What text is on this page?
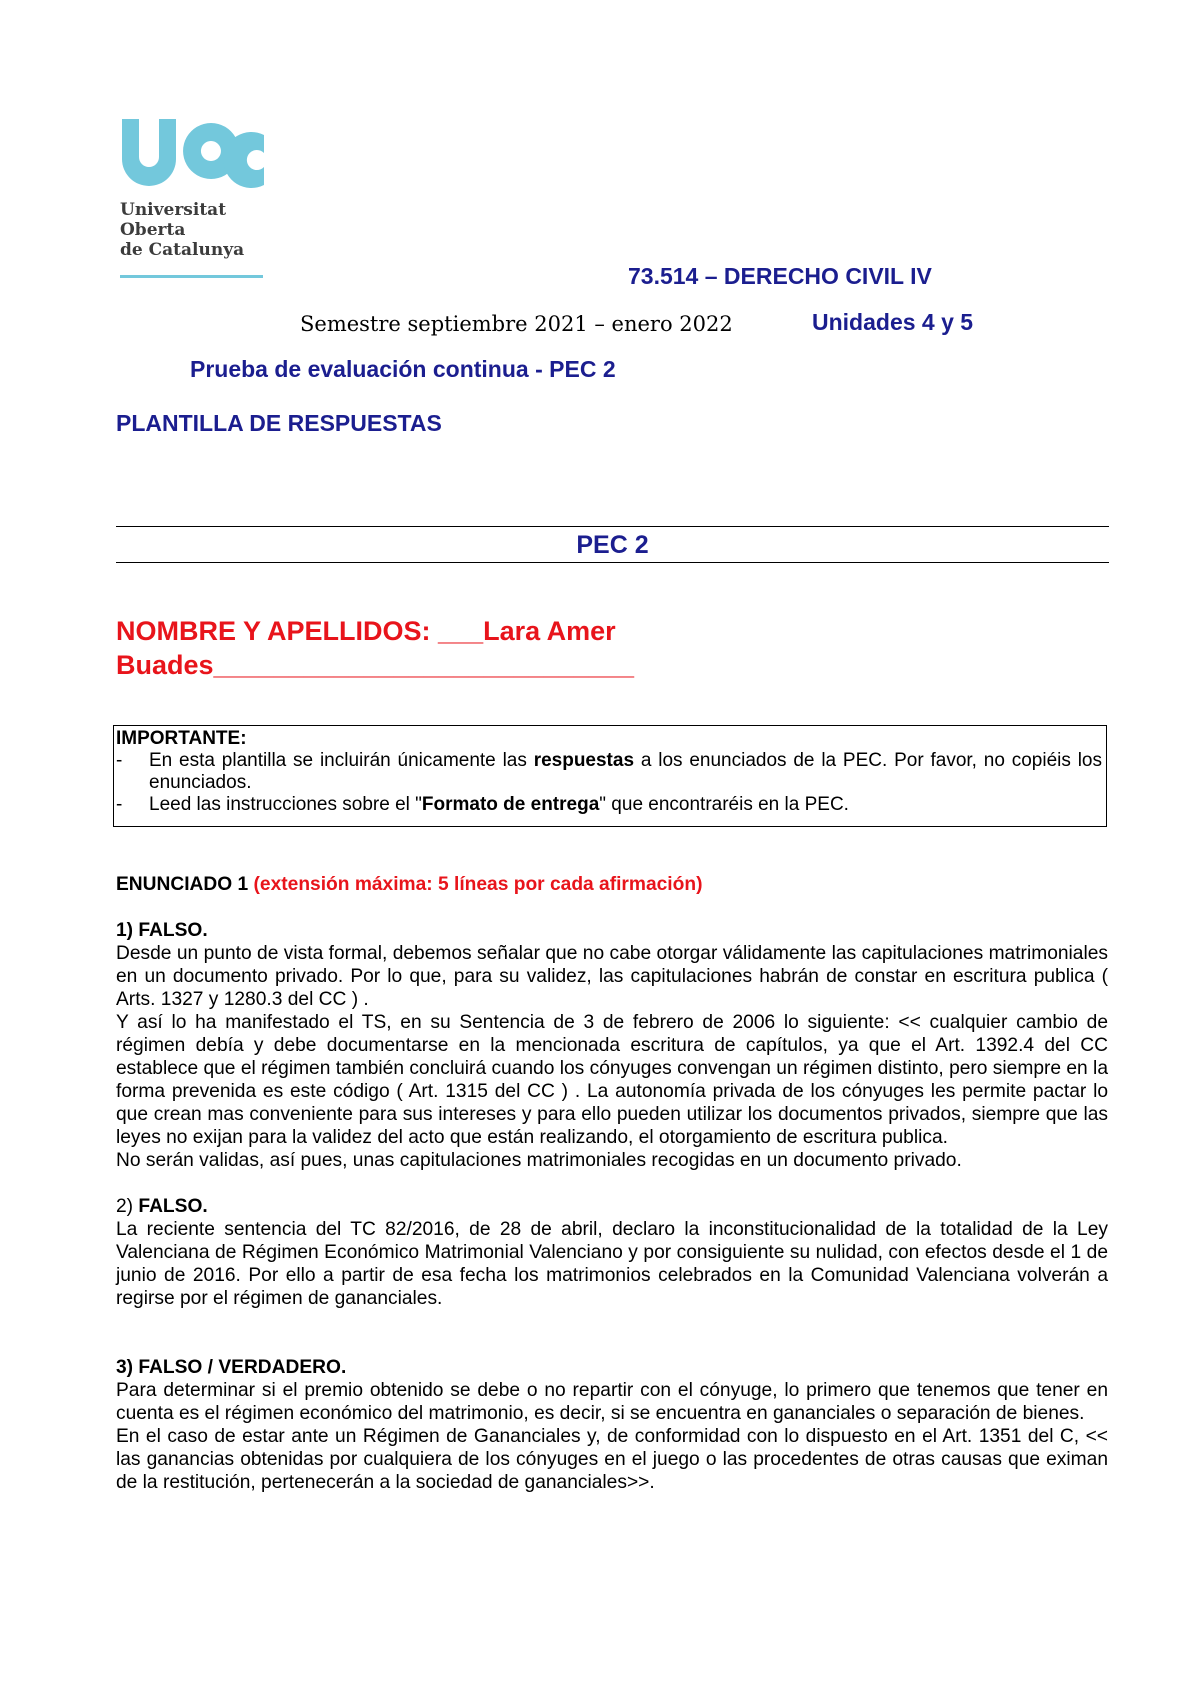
Universitat
Oberta
de Catalunya
73.514 – DERECHO CIVIL IV
Semestre septiembre 2021 – enero 2022	Unidades 4 y 5
Prueba de evaluación continua - PEC 2
PLANTILLA DE RESPUESTAS
PEC 2
NOMBRE Y APELLIDOS: ___Lara Amer
Buades____________________________
IMPORTANTE:
-	En esta plantilla se incluirán únicamente las respuestas a los enunciados de la PEC. Por favor, no copiéis los enunciados.
-	Leed las instrucciones sobre el "Formato de entrega" que encontraréis en la PEC.

ENUNCIADO 1 (extensión máxima: 5 líneas por cada afirmación)

1) FALSO.

Desde un punto de vista formal, debemos señalar que no cabe otorgar válidamente las capitulaciones matrimoniales en un documento privado. Por lo que, para su validez, las capitulaciones habrán de constar en escritura publica ( Arts. 1327 y 1280.3 del CC ) .

Y así lo ha manifestado el TS, en su Sentencia de 3 de febrero de 2006 lo siguiente: << cualquier cambio de régimen debía y debe documentarse en la mencionada escritura de capítulos, ya que el Art. 1392.4 del CC establece que el régimen también concluirá cuando los cónyuges convengan un régimen distinto, pero siempre en la forma prevenida es este código ( Art. 1315 del CC ) . La autonomía privada de los cónyuges les permite pactar lo que crean mas conveniente para sus intereses y para ello pueden utilizar los documentos privados, siempre que las leyes no exijan para la validez del acto que están realizando, el otorgamiento de escritura publica.

No serán validas, así pues, unas capitulaciones matrimoniales recogidas en un documento privado.

2) FALSO.

La reciente sentencia del TC 82/2016, de 28 de abril, declaro la inconstitucionalidad de la totalidad de la Ley Valenciana de Régimen Económico Matrimonial Valenciano y por consiguiente su nulidad, con efectos desde el 1 de junio de 2016. Por ello a partir de esa fecha los matrimonios celebrados en la Comunidad Valenciana volverán a regirse por el régimen de gananciales.

3) FALSO / VERDADERO.

Para determinar si el premio obtenido se debe o no repartir con el cónyuge, lo primero que tenemos que tener en cuenta es el régimen económico del matrimonio, es decir, si se encuentra en gananciales o separación de bienes.

En el caso de estar ante un Régimen de Gananciales y, de conformidad con lo dispuesto en el Art. 1351 del C, << las ganancias obtenidas por cualquiera de los cónyuges en el juego o las procedentes de otras causas que eximan de la restitución, pertenecerán a la sociedad de gananciales>>.
